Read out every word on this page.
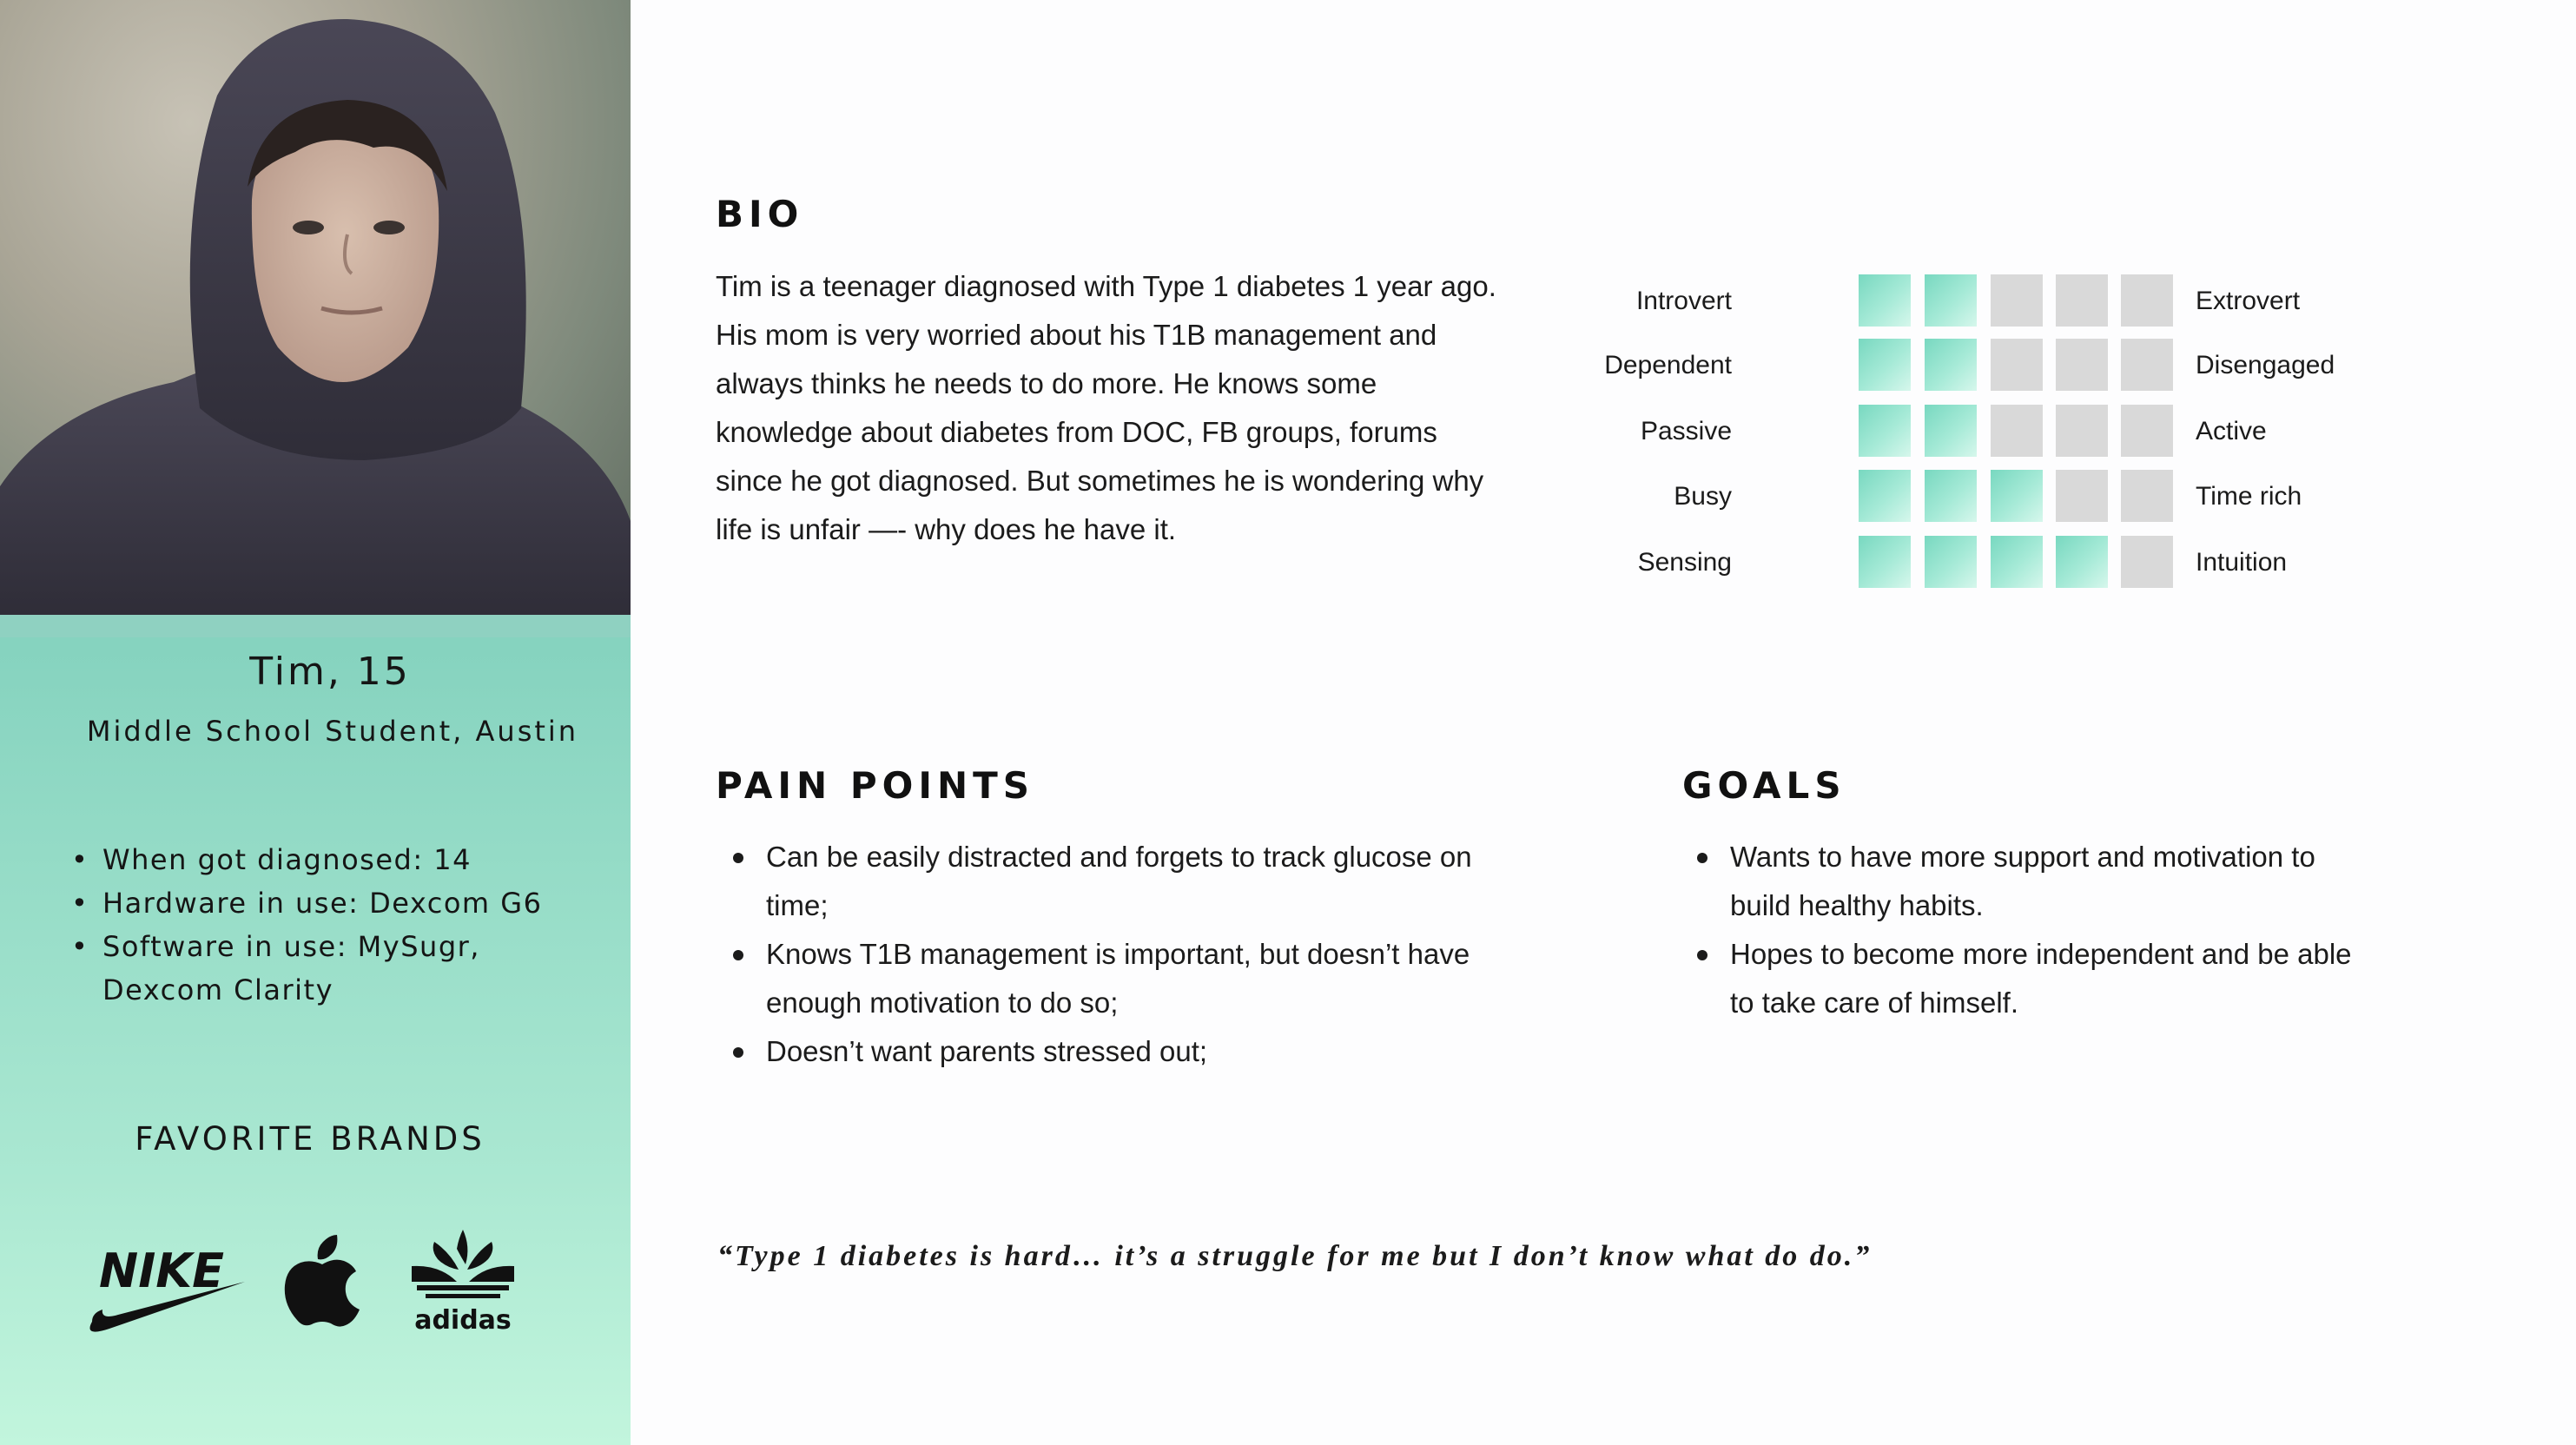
Tim, 15
Middle School Student, Austin
• When got diagnosed: 14
• Hardware in use: Dexcom G6
• Software in use: MySugr, Dexcom Clarity
FAVORITE BRANDS
NIKE
adidas
BIO

Tim is a teenager diagnosed with Type 1 diabetes 1 year ago. His mom is very worried about his T1B management and always thinks he needs to do more. He knows some knowledge about diabetes from DOC, FB groups, forums since he got diagnosed. But sometimes he is wondering why life is unfair —- why does he have it.

Introvert	Extrovert
Dependent	Disengaged
Passive	Active
Busy	Time rich
Sensing	Intuition
PAIN POINTS
Can be easily distracted and forgets to track glucose on time;
Knows T1B management is important, but doesn’t have enough motivation to do so;
Doesn’t want parents stressed out;
GOALS
Wants to have more support and motivation to build healthy habits.
Hopes to become more independent and be able to take care of himself.
“Type 1 diabetes is hard… it’s a struggle for me but I don’t know what do do.”
